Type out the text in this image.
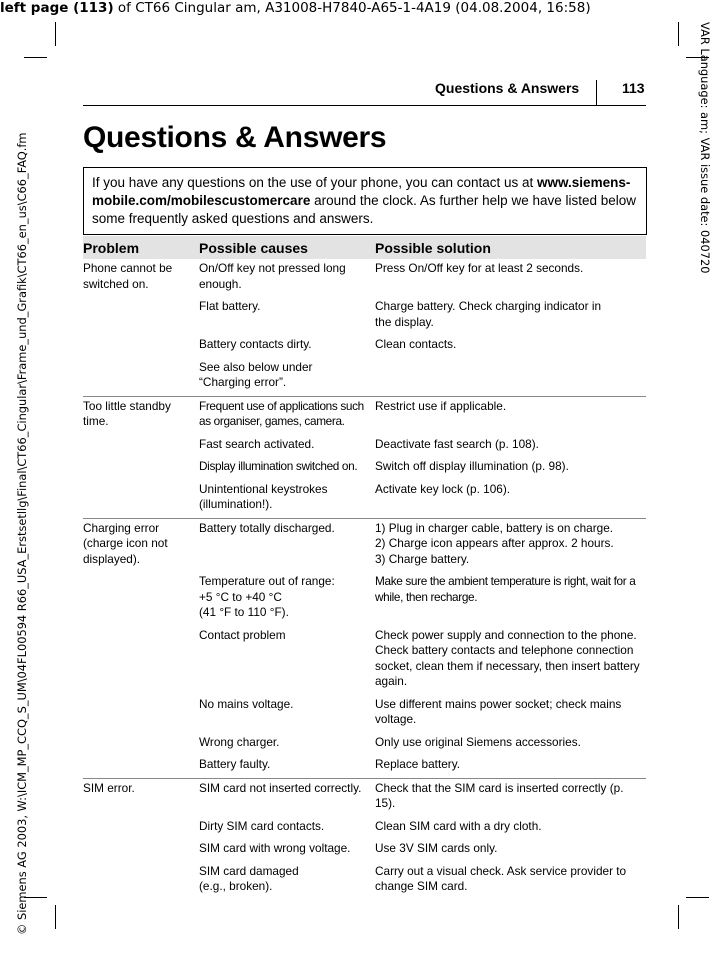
left page (113) of CT66 Cingular am, A31008-H7840-A65-1-4A19 (04.08.2004, 16:58)
© Siemens AG 2003, W:\ICM_MP_CCQ_S_UM\04FL00594 R66_USA_Erstsetllg\Final\CT66_Cingular\Frame_und_Grafik\CT66_en_us\C66_FAQ.fm	VAR Language: am; VAR issue date: 040720
Questions & Answers	113
Questions & Answers
If you have any questions on the use of your phone, you can contact us at www.siemens-mobile.com/mobilescustomercare around the clock. As further help we have listed below some frequently asked questions and answers.
Problem	Possible causes	Possible solution
Phone cannot be switched on.	On/Off key not pressed long enough.	Press On/Off key for at least 2 seconds.
	Flat battery.	Charge battery. Check charging indicator in the display.

	Battery contacts dirty.	Clean contacts.

	See also below under “Charging error”.	

Too little standby time.	Frequent use of applications such as organiser, games, camera.	Restrict use if applicable.
	Fast search activated.	Deactivate fast search (p. 108).
	Display illumination switched on.	Switch off display illumination (p. 98).

	Unintentional keystrokes (illumination!).	Activate key lock (p. 106).

Charging error (charge icon not displayed).	Battery totally discharged.	1) Plug in charger cable, battery is on charge.
2) Charge icon appears after approx. 2 hours.
3) Charge battery.
	Temperature out of range:
+5 °C to +40 °C
(41 °F to 110 °F).	Make sure the ambient temperature is right, wait for a while, then recharge.
	Contact problem	Check power supply and connection to the phone. Check battery contacts and telephone connection socket, clean them if necessary, then insert battery again.
	No mains voltage.	Use different mains power socket; check mains voltage.
	Wrong charger.	Only use original Siemens accessories.
	Battery faulty.	Replace battery.
SIM error.	SIM card not inserted correctly.	Check that the SIM card is inserted correctly (p. 15).
	Dirty SIM card contacts.	Clean SIM card with a dry cloth.
	SIM card with wrong voltage.	Use 3V SIM cards only.
	SIM card damaged
(e.g., broken).	Carry out a visual check. Ask service provider to change SIM card.
